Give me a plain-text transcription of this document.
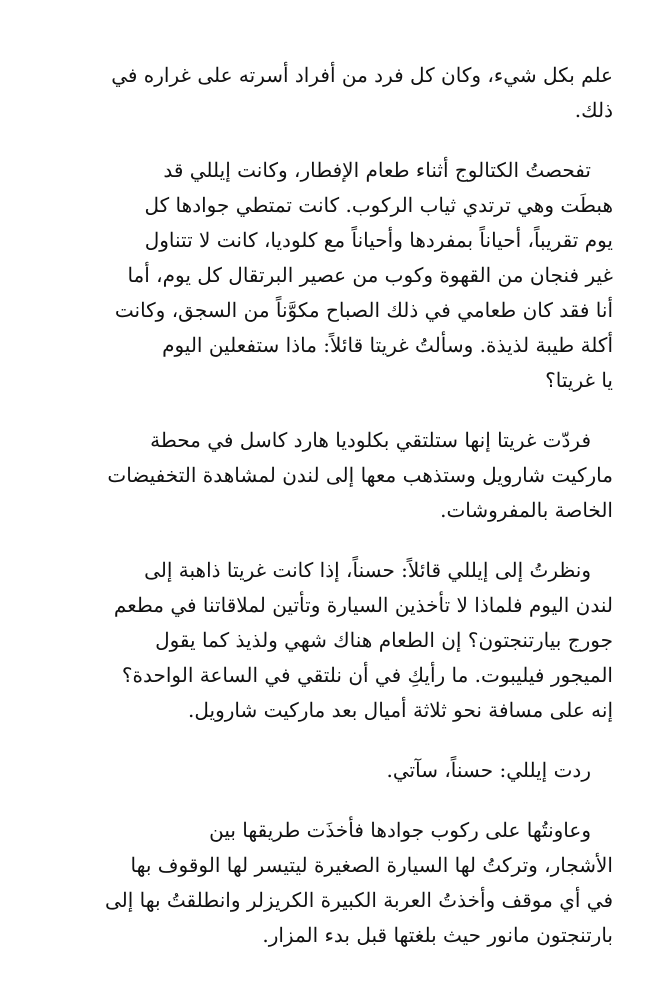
علم بكل شيء، وكان كل فرد من أفراد أسرته على غراره في
ذلك.

تفحصتُ الكتالوج أثناء طعام الإفطار، وكانت إيللي قد
هبطَت وهي ترتدي ثياب الركوب. كانت تمتطي جوادها كل
يوم تقريباً، أحياناً بمفردها وأحياناً مع كلوديا، كانت لا تتناول
غير فنجان من القهوة وكوب من عصير البرتقال كل يوم، أما
أنا فقد كان طعامي في ذلك الصباح مكوَّناً من السجق، وكانت
أكلة طيبة لذيذة. وسألتُ غريتا قائلاً: ماذا ستفعلين اليوم
يا غريتا؟

فردّت غريتا إنها ستلتقي بكلوديا هارد كاسل في محطة
ماركيت شارويل وستذهب معها إلى لندن لمشاهدة التخفيضات
الخاصة بالمفروشات.

ونظرتُ إلى إيللي قائلاً: حسناً، إذا كانت غريتا ذاهبة إلى
لندن اليوم فلماذا لا تأخذين السيارة وتأتين لملاقاتنا في مطعم
جورج بيارتنجتون؟ إن الطعام هناك شهي ولذيذ كما يقول
الميجور فيليبوت. ما رأيكِ في أن نلتقي في الساعة الواحدة؟
إنه على مسافة نحو ثلاثة أميال بعد ماركيت شارويل.

ردت إيللي: حسناً، سآتي.

وعاونتُها على ركوب جوادها فأخذَت طريقها بين
الأشجار، وتركتُ لها السيارة الصغيرة ليتيسر لها الوقوف بها
في أي موقف وأخذتُ العربة الكبيرة الكريزلر وانطلقتُ بها إلى
بارتنجتون مانور حيث بلغتها قبل بدء المزار.
